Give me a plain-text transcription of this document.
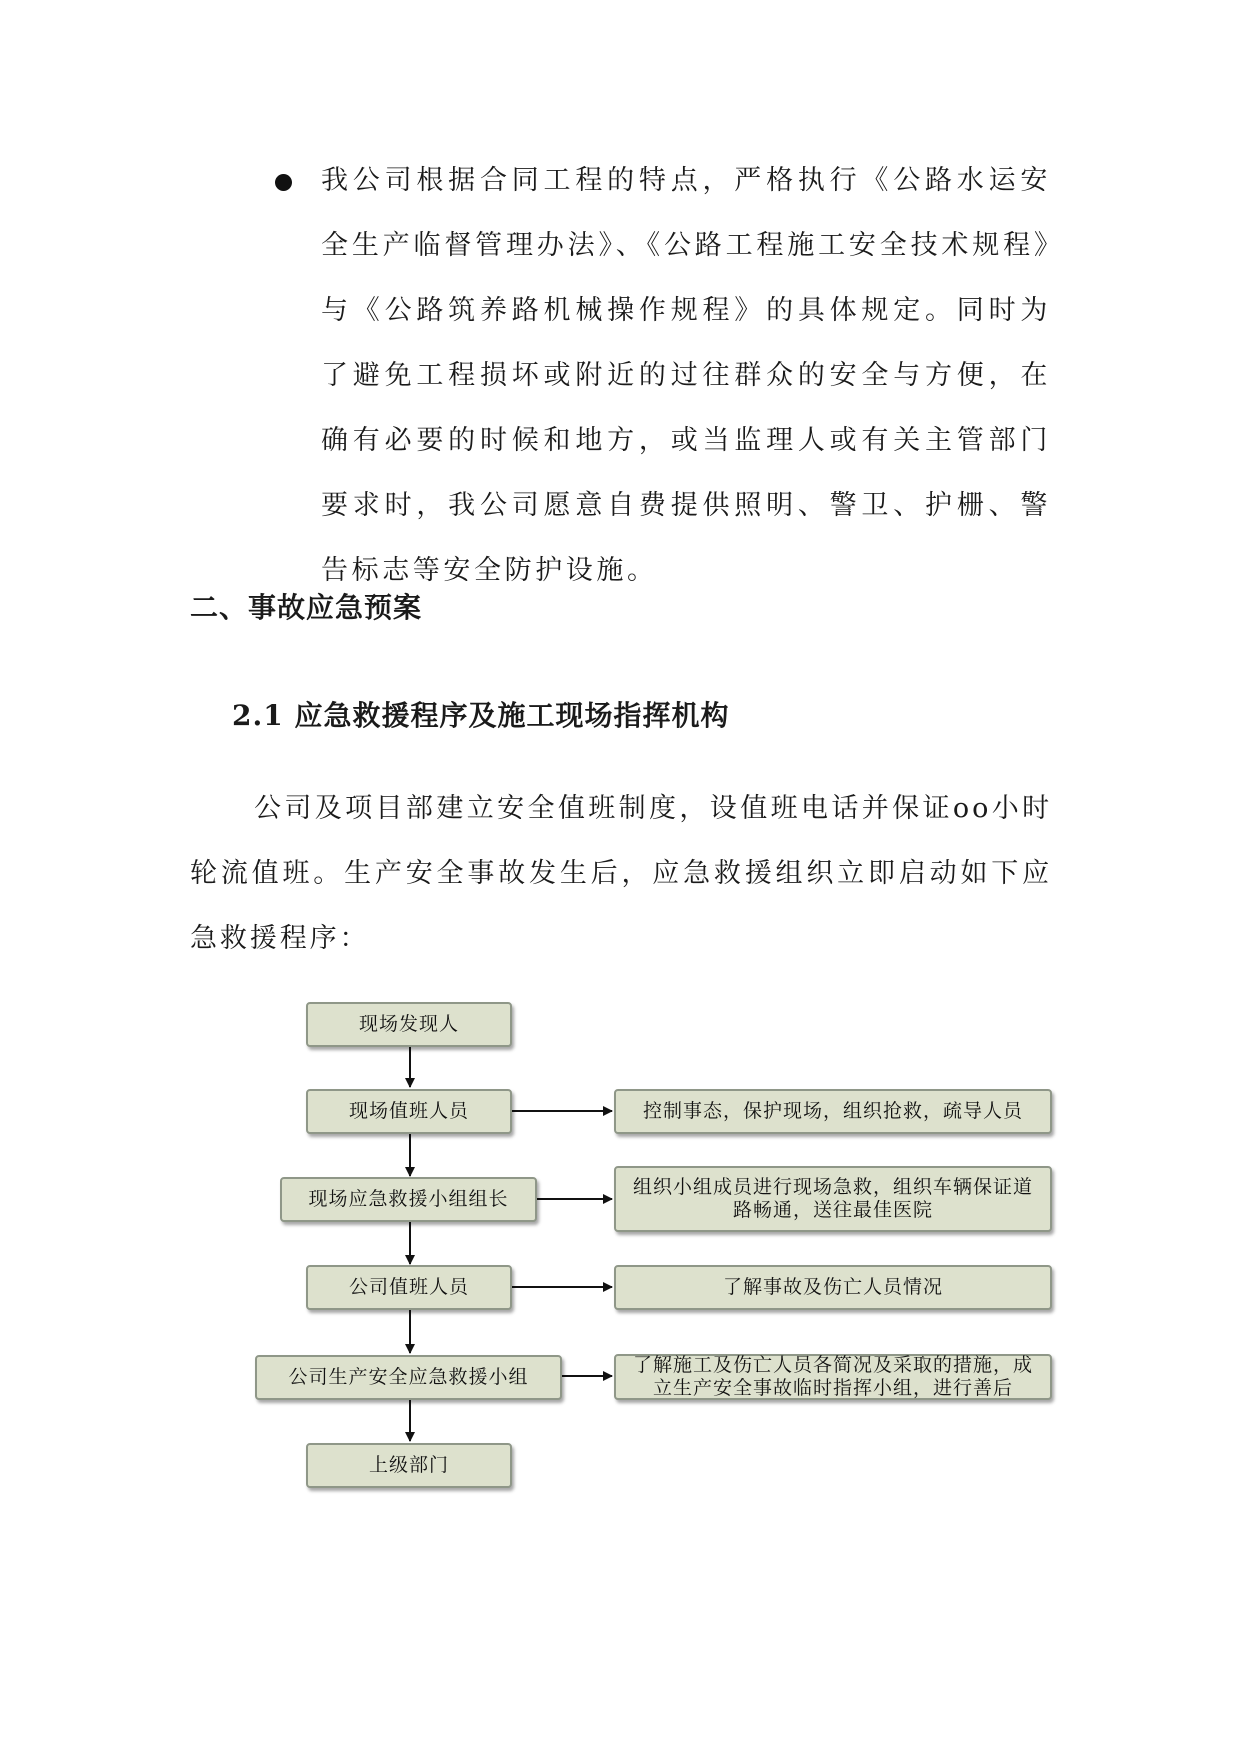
我公司根据合同工程的特点，严格执行《公路水运安全生产临督管理办法》、《公路工程施工安全技术规程》与《公路筑养路机械操作规程》的具体规定。同时为了避免工程损坏或附近的过往群众的安全与方便，在确有必要的时候和地方，或当监理人或有关主管部门要求时，我公司愿意自费提供照明、警卫、护栅、警告标志等安全防护设施。
二、事故应急预案
2.1 应急救援程序及施工现场指挥机构
公司及项目部建立安全值班制度，设值班电话并保证oo小时轮流值班。生产安全事故发生后，应急救援组织立即启动如下应急救援程序：
现场发现人
现场值班人员
现场应急救援小组组长
公司值班人员
公司生产安全应急救援小组
上级部门
控制事态，保护现场，组织抢救，疏导人员
组织小组成员进行现场急救，组织车辆保证道路畅通，送往最佳医院
了解事故及伤亡人员情况
了解施工及伤亡人员各简况及采取的措施，成立生产安全事故临时指挥小组，进行善后
